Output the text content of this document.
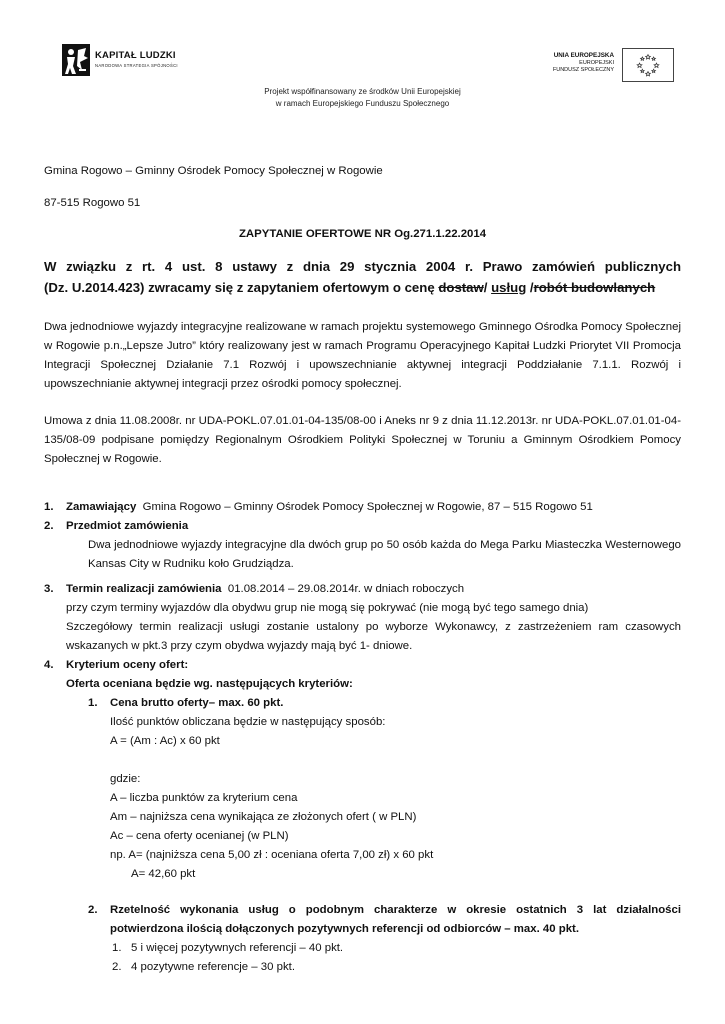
KAPITAŁ LUDZKI
NARODOWA STRATEGIA SPÓJNOŚCI
UNIA EUROPEJSKA
EUROPEJSKI
FUNDUSZ SPOŁECZNY
Projekt współfinansowany ze środków Unii Europejskiej
w ramach Europejskiego Funduszu Społecznego
Gmina Rogowo – Gminny Ośrodek Pomocy Społecznej w Rogowie
87-515 Rogowo 51
ZAPYTANIE OFERTOWE NR Og.271.1.22.2014
W związku z rt. 4 ust. 8 ustawy z dnia 29 stycznia 2004 r. Prawo zamówień publicznych
(Dz. U.2014.423) zwracamy się z zapytaniem ofertowym o cenę dostaw/ usług /robót budowlanych
Dwa jednodniowe wyjazdy integracyjne realizowane w ramach projektu systemowego Gminnego Ośrodka Pomocy Społecznej w Rogowie p.n.„Lepsze Jutro” który realizowany jest w ramach Programu Operacyjnego Kapitał Ludzki Priorytet VII Promocja Integracji Społecznej Działanie 7.1 Rozwój i upowszechnianie aktywnej integracji Poddziałanie 7.1.1. Rozwój i upowszechnianie aktywnej integracji przez ośrodki pomocy społecznej.
Umowa z dnia 11.08.2008r. nr UDA-POKL.07.01.01-04-135/08-00 i Aneks nr 9 z dnia 11.12.2013r. nr UDA-POKL.07.01.01-04-135/08-09 podpisane pomiędzy Regionalnym Ośrodkiem Polityki Społecznej w Toruniu a Gminnym Ośrodkiem Pomocy Społecznej w Rogowie.
1. Zamawiający Gmina Rogowo – Gminny Ośrodek Pomocy Społecznej w Rogowie, 87 – 515 Rogowo 51
2. Przedmiot zamówienia
Dwa jednodniowe wyjazdy integracyjne dla dwóch grup po 50 osób każda do Mega Parku Miasteczka Westernowego Kansas City w Rudniku koło Grudziądza.
3. Termin realizacji zamówienia 01.08.2014 – 29.08.2014r. w dniach roboczych
przy czym terminy wyjazdów dla obydwu grup nie mogą się pokrywać (nie mogą być tego samego dnia)
Szczegółowy termin realizacji usługi zostanie ustalony po wyborze Wykonawcy, z zastrzeżeniem ram czasowych wskazanych w pkt.3 przy czym obydwa wyjazdy mają być 1- dniowe.
4. Kryterium oceny ofert:
Oferta oceniana będzie wg. następujących kryteriów:
1. Cena brutto oferty– max. 60 pkt.
Ilość punktów obliczana będzie w następujący sposób:
A = (Am : Ac) x 60 pkt
gdzie:
A – liczba punktów za kryterium cena
Am – najniższa cena wynikająca ze złożonych ofert ( w PLN)
Ac – cena oferty ocenianej (w PLN)
np. A= (najniższa cena 5,00 zł : oceniana oferta 7,00 zł) x 60 pkt
A= 42,60 pkt
2. Rzetelność wykonania usług o podobnym charakterze w okresie ostatnich 3 lat działalności potwierdzona ilością dołączonych pozytywnych referencji od odbiorców – max. 40 pkt.
1. 5 i więcej pozytywnych referencji – 40 pkt.
2. 4 pozytywne referencje – 30 pkt.
